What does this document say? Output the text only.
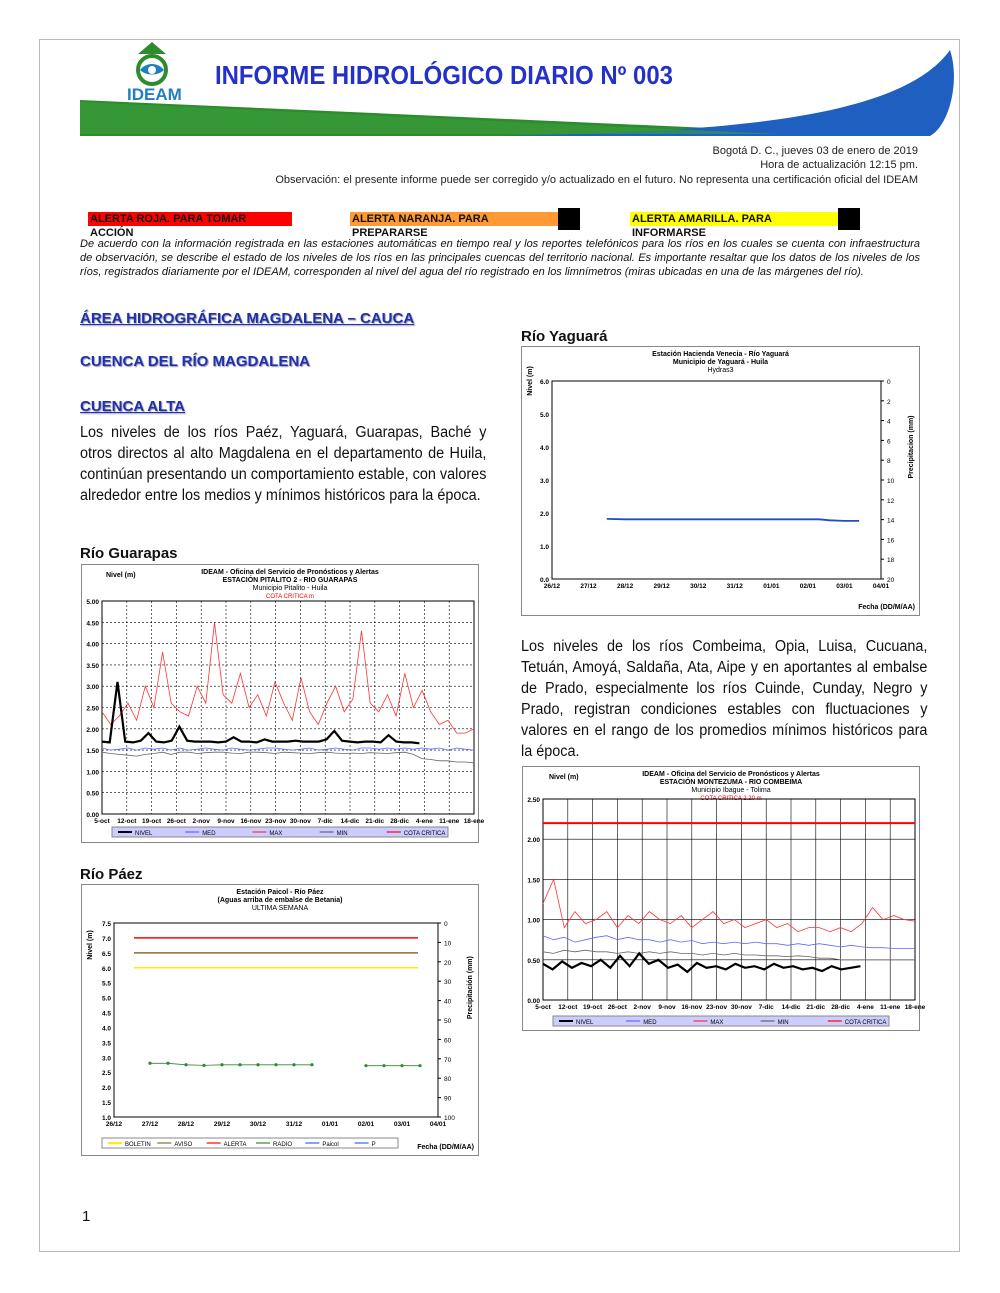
IDEAM
INFORME HIDROLÓGICO DIARIO Nº 003
Bogotá D. C., jueves 03 de enero de 2019
Hora de actualización 12:15 pm.
Observación: el presente informe puede ser corregido y/o actualizado en el futuro. No representa una certificación oficial del IDEAM
ALERTA ROJA. PARA TOMAR ACCIÓN
ALERTA NARANJA. PARA PREPARARSE
ALERTA AMARILLA. PARA INFORMARSE
De acuerdo con la información registrada en las estaciones automáticas en tiempo real y los reportes telefónicos para los ríos en los cuales se cuenta con infraestructura de observación, se describe el estado de los niveles de los ríos en las principales cuencas del territorio nacional. Es importante resaltar que los datos de los niveles de los ríos, registrados diariamente por el IDEAM, corresponden al nivel del agua del río registrado en los limnímetros (miras ubicadas en una de las márgenes del río).
ÁREA HIDROGRÁFICA MAGDALENA – CAUCA
CUENCA DEL RÍO MAGDALENA
CUENCA ALTA
Los niveles de los ríos Paéz, Yaguará, Guarapas, Baché y otros directos al alto Magdalena en el departamento de Huila, continúan presentando un comportamiento estable, con valores alrededor entre los medios y mínimos históricos para la época.
Río Guarapas
IDEAM - Oficina del Servicio de Pronósticos y Alertas
ESTACIÓN PITALITO 2 - RIO GUARAPAS
Municipio Pitalito - Huila
COTA CRITICA m
Nivel (m)
0.00
0.50
1.00
1.50
2.00
2.50
3.00
3.50
4.00
4.50
5.00
5-oct 12-oct 19-oct 26-oct 2-nov 9-nov 16-nov 23-nov 30-nov 7-dic 14-dic 21-dic 28-dic 4-ene 11-ene 18-ene
NIVEL	MED	MAX	MIN	COTA CRITICA
Río Páez
Estación Paicol - Río Páez
(Aguas arriba de embalse de Betania)
ULTIMA SEMANA
Nivel (m)
Precipitación (mm)
Fecha (DD/M/AA)
1.0
1.5
2.0
2.5
3.0
3.5
4.0
4.5
5.0
5.5
6.0
6.5
7.0
7.5	0
10
20
30
40
50
60
70
80
90
100
26/12	27/12	28/12	29/12	30/12	31/12	01/01	02/01	03/01	04/01
BOLETIN	AVISO	ALERTA	RADIO	Paicol	P
1
Río Yaguará
Estación Hacienda Venecia - Río Yaguará
Municipio de Yaguará - Huila
Hydras3
Nivel (m)
Precipitacion (mm)
Fecha (DD/M/AA)
0.0
1.0
2.0
3.0
4.0
5.0
6.0	0
2
4
6
8
10
12
14
16
18
20
26/12	27/12	28/12	29/12	30/12	31/12	01/01	02/01	03/01	04/01
Los niveles de los ríos Combeima, Opia, Luisa, Cucuana, Tetuán, Amoyá, Saldaña, Ata, Aipe y en aportantes al embalse de Prado, especialmente los ríos Cuinde, Cunday, Negro y Prado, registran condiciones estables con fluctuaciones y valores en el rango de los promedios mínimos históricos para la época.
IDEAM - Oficina del Servicio de Pronósticos y Alertas
ESTACIÓN MONTEZUMA - RIO COMBEIMA
Municipio Ibague - Tolima
COTA CRITICA 2.20 m
Nivel (m)
0.00
0.50
1.00
1.50
2.00
2.50
5-oct 12-oct 19-oct 26-oct 2-nov 9-nov 16-nov 23-nov 30-nov 7-dic 14-dic 21-dic 28-dic 4-ene 11-ene 18-ene
NIVEL	MED	MAX	MIN	COTA CRITICA
